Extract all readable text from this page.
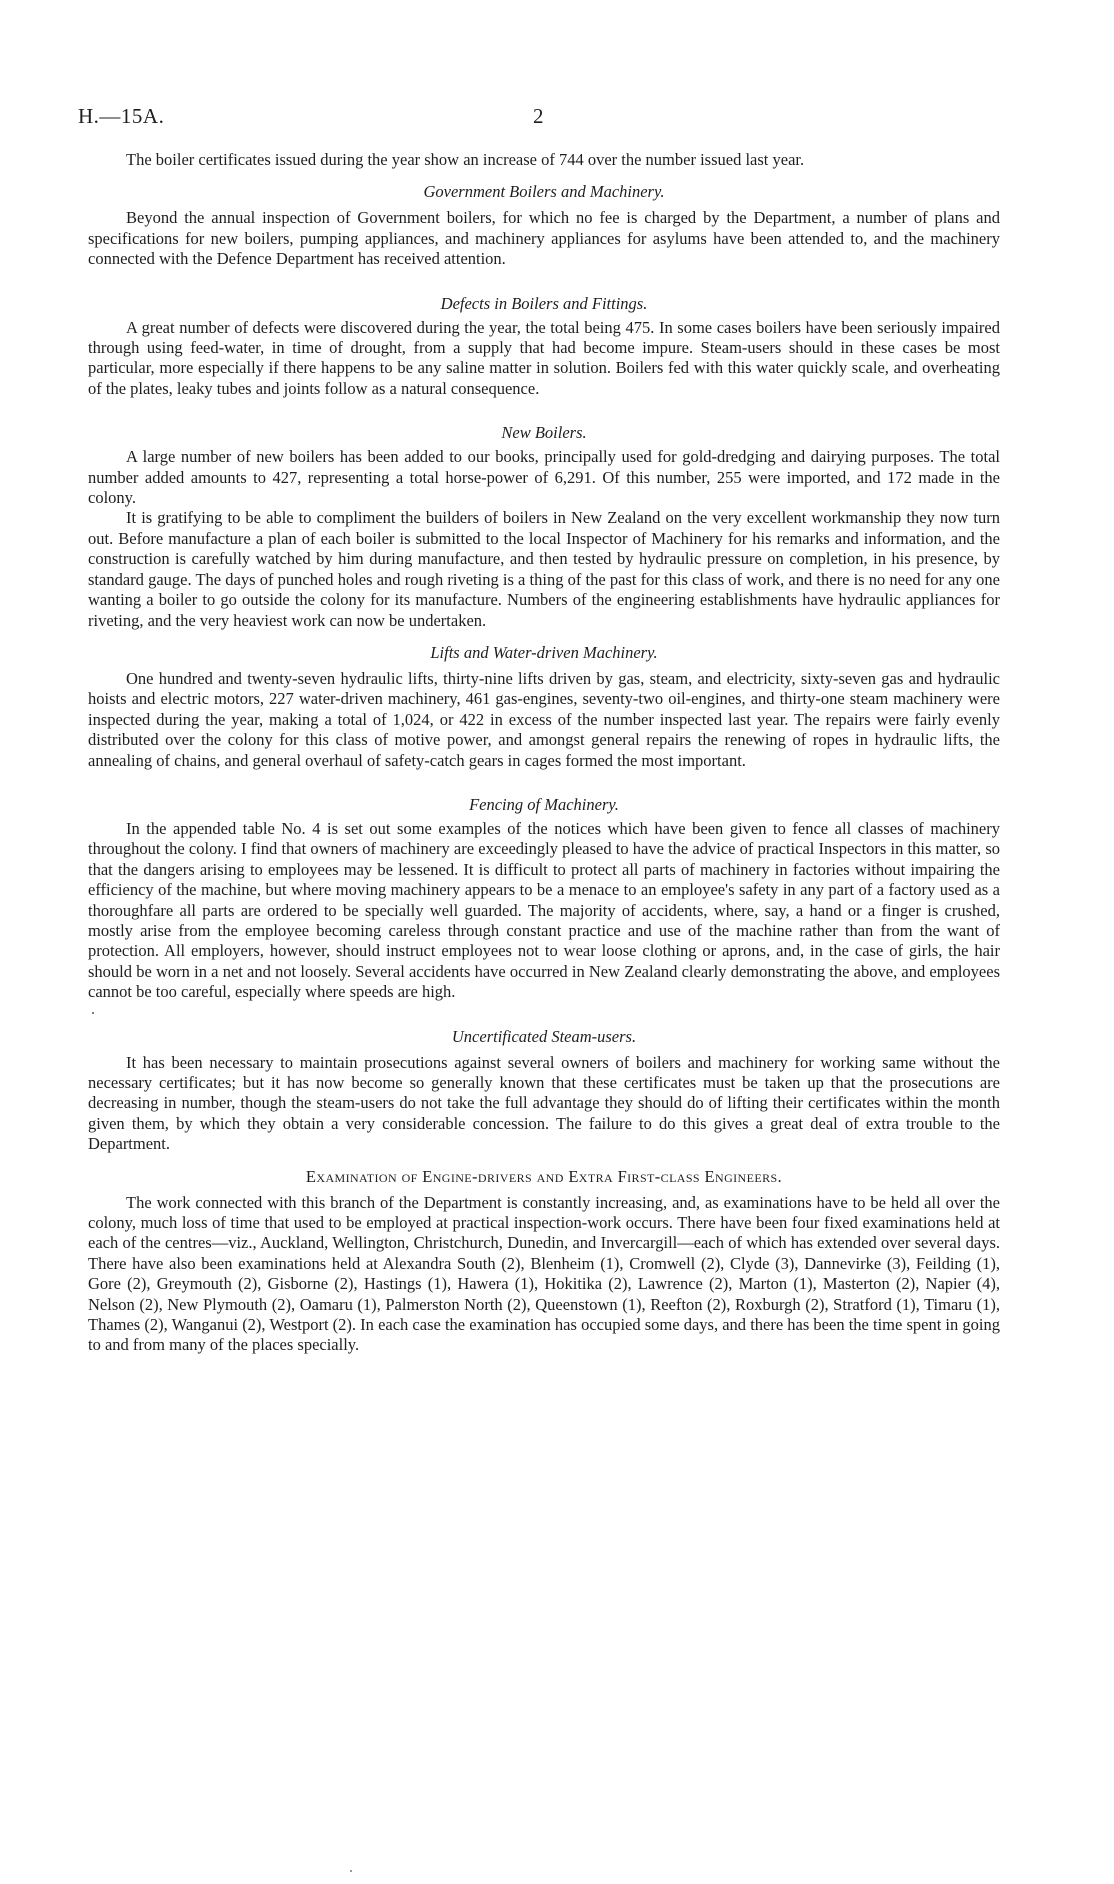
H.—15A.	2

The boiler certificates issued during the year show an increase of 744 over the number issued last year.

Government Boilers and Machinery.

Beyond the annual inspection of Government boilers, for which no fee is charged by the Department, a number of plans and specifications for new boilers, pumping appliances, and machinery appliances for asylums have been attended to, and the machinery connected with the Defence Department has received attention.

Defects in Boilers and Fittings.

A great number of defects were discovered during the year, the total being 475. In some cases boilers have been seriously impaired through using feed-water, in time of drought, from a supply that had become impure. Steam-users should in these cases be most particular, more especially if there happens to be any saline matter in solution. Boilers fed with this water quickly scale, and overheating of the plates, leaky tubes and joints follow as a natural consequence.

New Boilers.

A large number of new boilers has been added to our books, principally used for gold-dredging and dairying purposes. The total number added amounts to 427, representing a total horse-power of 6,291. Of this number, 255 were imported, and 172 made in the colony.

It is gratifying to be able to compliment the builders of boilers in New Zealand on the very excellent workmanship they now turn out. Before manufacture a plan of each boiler is submitted to the local Inspector of Machinery for his remarks and information, and the construction is carefully watched by him during manufacture, and then tested by hydraulic pressure on completion, in his presence, by standard gauge. The days of punched holes and rough riveting is a thing of the past for this class of work, and there is no need for any one wanting a boiler to go outside the colony for its manufacture. Numbers of the engineering establishments have hydraulic appliances for riveting, and the very heaviest work can now be undertaken.

Lifts and Water-driven Machinery.

One hundred and twenty-seven hydraulic lifts, thirty-nine lifts driven by gas, steam, and electricity, sixty-seven gas and hydraulic hoists and electric motors, 227 water-driven machinery, 461 gas-engines, seventy-two oil-engines, and thirty-one steam machinery were inspected during the year, making a total of 1,024, or 422 in excess of the number inspected last year. The repairs were fairly evenly distributed over the colony for this class of motive power, and amongst general repairs the renewing of ropes in hydraulic lifts, the annealing of chains, and general overhaul of safety-catch gears in cages formed the most important.

Fencing of Machinery.

In the appended table No. 4 is set out some examples of the notices which have been given to fence all classes of machinery throughout the colony. I find that owners of machinery are exceedingly pleased to have the advice of practical Inspectors in this matter, so that the dangers arising to employees may be lessened. It is difficult to protect all parts of machinery in factories without impairing the efficiency of the machine, but where moving machinery appears to be a menace to an employee's safety in any part of a factory used as a thoroughfare all parts are ordered to be specially well guarded. The majority of accidents, where, say, a hand or a finger is crushed, mostly arise from the employee becoming careless through constant practice and use of the machine rather than from the want of protection. All employers, however, should instruct employees not to wear loose clothing or aprons, and, in the case of girls, the hair should be worn in a net and not loosely. Several accidents have occurred in New Zealand clearly demonstrating the above, and employees cannot be too careful, especially where speeds are high.

Uncertificated Steam-users.

It has been necessary to maintain prosecutions against several owners of boilers and machinery for working same without the necessary certificates; but it has now become so generally known that these certificates must be taken up that the prosecutions are decreasing in number, though the steam-users do not take the full advantage they should do of lifting their certificates within the month given them, by which they obtain a very considerable concession. The failure to do this gives a great deal of extra trouble to the Department.

Examination of Engine-drivers and Extra First-class Engineers.

The work connected with this branch of the Department is constantly increasing, and, as examinations have to be held all over the colony, much loss of time that used to be employed at practical inspection-work occurs. There have been four fixed examinations held at each of the centres—viz., Auckland, Wellington, Christchurch, Dunedin, and Invercargill—each of which has extended over several days. There have also been examinations held at Alexandra South (2), Blenheim (1), Cromwell (2), Clyde (3), Dannevirke (3), Feilding (1), Gore (2), Greymouth (2), Gisborne (2), Hastings (1), Hawera (1), Hokitika (2), Lawrence (2), Marton (1), Masterton (2), Napier (4), Nelson (2), New Plymouth (2), Oamaru (1), Palmerston North (2), Queenstown (1), Reefton (2), Roxburgh (2), Stratford (1), Timaru (1), Thames (2), Wanganui (2), Westport (2). In each case the examination has occupied some days, and there has been the time spent in going to and from many of the places specially.
